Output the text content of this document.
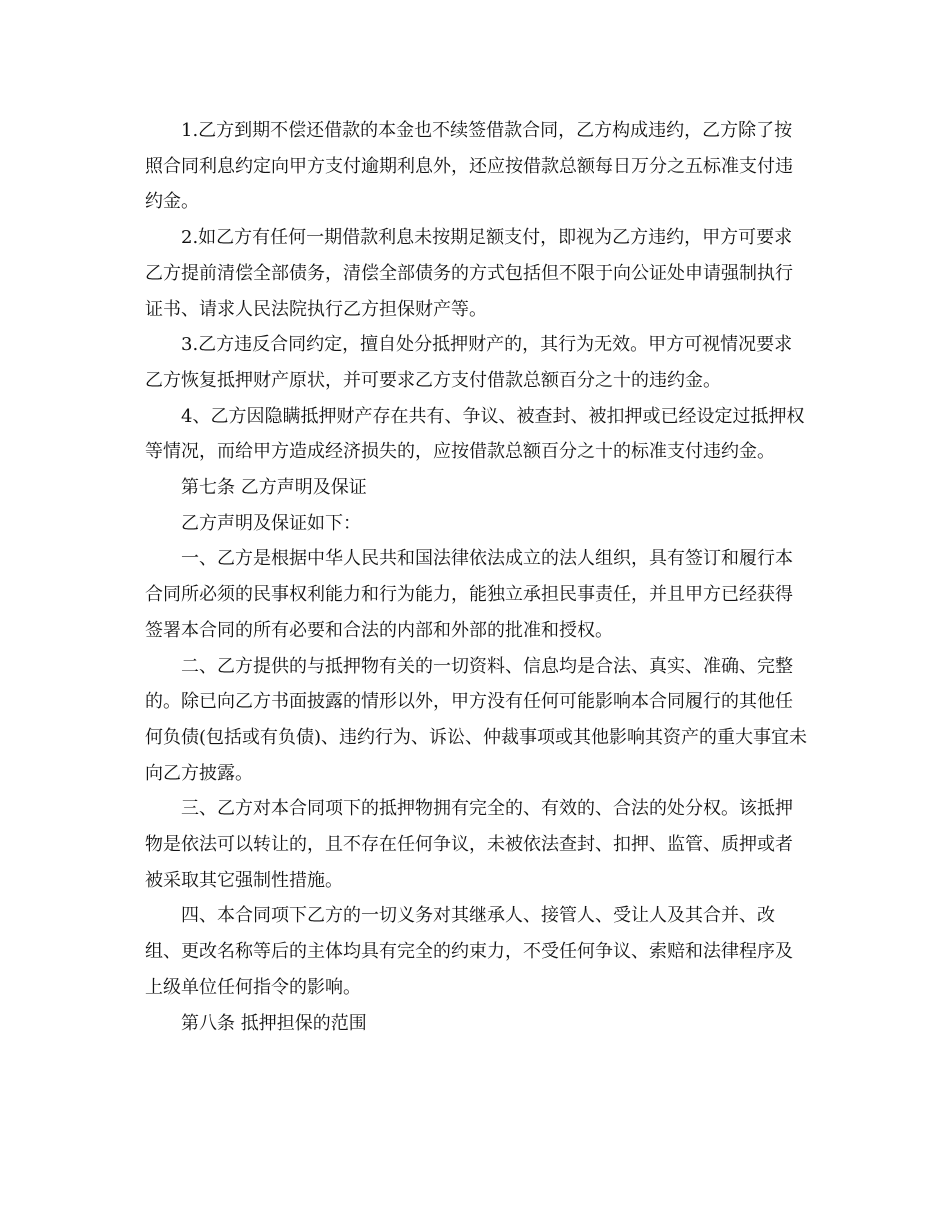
1.乙方到期不偿还借款的本金也不续签借款合同，乙方构成违约，乙方除了按照合同利息约定向甲方支付逾期利息外，还应按借款总额每日万分之五标准支付违约金。

2.如乙方有任何一期借款利息未按期足额支付，即视为乙方违约，甲方可要求乙方提前清偿全部债务，清偿全部债务的方式包括但不限于向公证处申请强制执行证书、请求人民法院执行乙方担保财产等。

3.乙方违反合同约定，擅自处分抵押财产的，其行为无效。甲方可视情况要求乙方恢复抵押财产原状，并可要求乙方支付借款总额百分之十的违约金。

4、乙方因隐瞒抵押财产存在共有、争议、被查封、被扣押或已经设定过抵押权等情况，而给甲方造成经济损失的，应按借款总额百分之十的标准支付违约金。

第七条 乙方声明及保证

乙方声明及保证如下：

一、乙方是根据中华人民共和国法律依法成立的法人组织，具有签订和履行本合同所必须的民事权利能力和行为能力，能独立承担民事责任，并且甲方已经获得签署本合同的所有必要和合法的内部和外部的批准和授权。

二、乙方提供的与抵押物有关的一切资料、信息均是合法、真实、准确、完整的。除已向乙方书面披露的情形以外，甲方没有任何可能影响本合同履行的其他任何负债(包括或有负债)、违约行为、诉讼、仲裁事项或其他影响其资产的重大事宜未向乙方披露。

三、乙方对本合同项下的抵押物拥有完全的、有效的、合法的处分权。该抵押物是依法可以转让的，且不存在任何争议，未被依法查封、扣押、监管、质押或者被采取其它强制性措施。

四、本合同项下乙方的一切义务对其继承人、接管人、受让人及其合并、改组、更改名称等后的主体均具有完全的约束力，不受任何争议、索赔和法律程序及上级单位任何指令的影响。

第八条 抵押担保的范围
